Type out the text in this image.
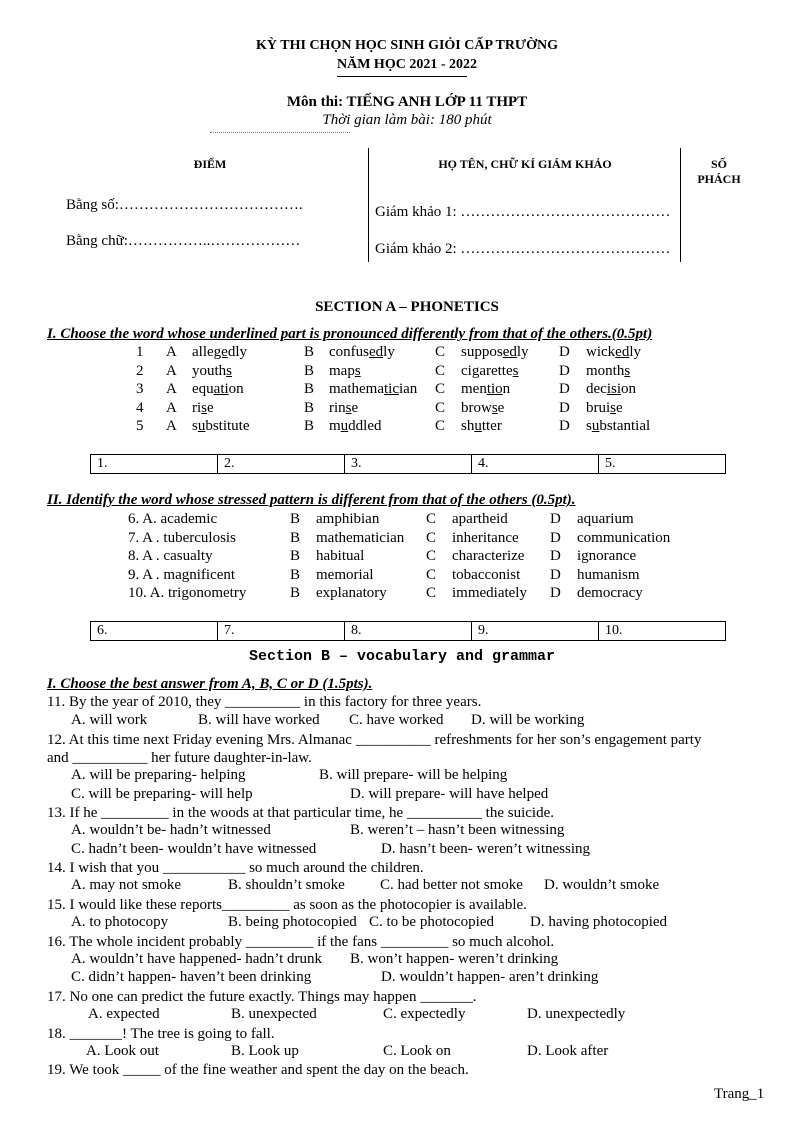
KỲ THI CHỌN HỌC SINH GIỎI CẤP TRƯỜNG
NĂM HỌC 2021 - 2022
Môn thi: TIẾNG ANH LỚP 11 THPT
Thời gian làm bài: 180 phút
ĐIỂM	HỌ TÊN, CHỮ KÍ GIÁM KHẢO	SỐ
PHÁCH
Bằng số:……………………………….
Bằng chữ:……………..………………
Giám khảo 1: ……………………………………
Giám khảo 2: ……………………………………
SECTION A – PHONETICS
I. Choose the word whose underlined part is pronounced differently from that of the others.(0.5pt)
1 A allegedly	B confusedly	C supposedly D wickedly
2 A youths	B maps	C cigarettes	D months
3 A equation	B mathematician C mention	D decision
4 A rise	B rinse	C browse	D bruise
5 A substitute	B muddled	C shutter	D substantial
1.	2.	3.	4.	5.
II. Identify the word whose stressed pattern is different from that of the others (0.5pt).
6. A. academic	B amphibian	C apartheid	D aquarium
7. A . tuberculosis	B mathematician C inheritance D communication
8. A . casualty	B habitual	C characterize D ignorance
9. A . magnificent	B memorial	C tobacconist D humanism
10. A. trigonometry	B explanatory	C immediately D democracy
6.	7.	8.	9.	10.
Section B – vocabulary and grammar
I. Choose the best answer from A, B, C or D (1.5pts).
11. By the year of 2010, they __________ in this factory for three years.
A. will work	B. will have worked C. have worked D. will be working
12. At this time next Friday evening Mrs. Almanac __________ refreshments for her son’s engagement party
and __________ her future daughter-in-law.
A. will be preparing- helping	B. will prepare- will be helping
C. will be preparing- will help	D. will prepare- will have helped
13. If he _________ in the woods at that particular time, he __________ the suicide.
A. wouldn’t be- hadn’t witnessed	B. weren’t – hasn’t been witnessing
C. hadn’t been- wouldn’t have witnessed	D. hasn’t been- weren’t witnessing
14. I wish that you ___________ so much around the children.
A. may not smoke	B. shouldn’t smoke C. had better not smoke D. wouldn’t smoke
15. I would like these reports_________ as soon as the photocopier is available.
A. to photocopy	B. being photocopied C. to be photocopied D. having photocopied
16. The whole incident probably _________ if the fans _________ so much alcohol.
A. wouldn’t have happened- hadn’t drunk B. won’t happen- weren’t drinking
C. didn’t happen- haven’t been drinking	D. wouldn’t happen- aren’t drinking
17. No one can predict the future exactly. Things may happen _______.
A. expected	B. unexpected	C. expectedly	D. unexpectedly
18. _______! The tree is going to fall.
A. Look out	B. Look up	C. Look on	D. Look after
19. We took _____ of the fine weather and spent the day on the beach.
Trang_1
